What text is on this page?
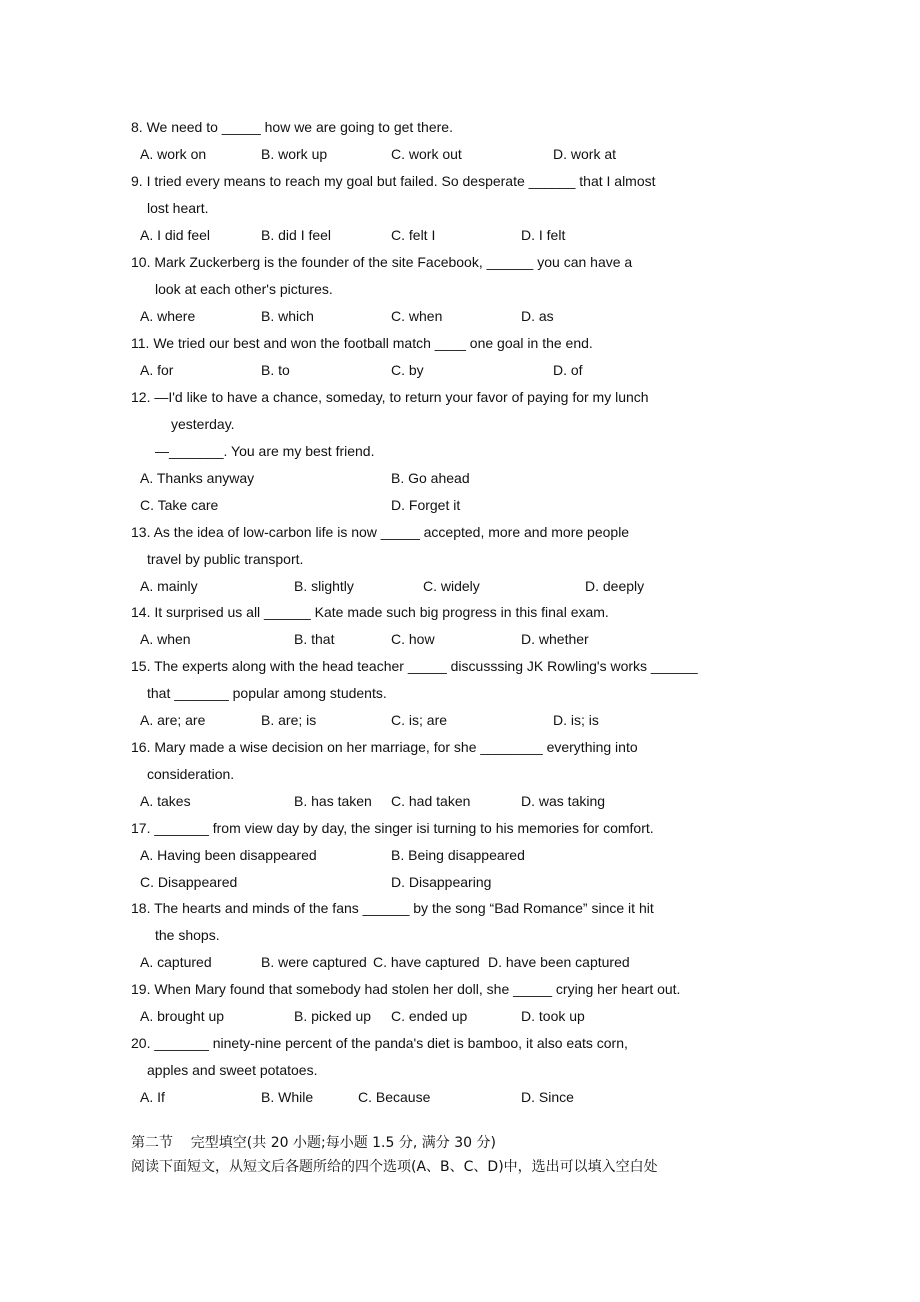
8. We need to _____ how we are going to get there.
A. work on	B. work up	C. work out	D. work at
9. I tried every means to reach my goal but failed. So desperate ______ that I almost
lost heart.
A. I did feel	B. did I feel	C. felt I	D. I felt
10. Mark Zuckerberg is the founder of the site Facebook, ______ you can have a
look at each other's pictures.
A. where	B. which	C. when	D. as
11. We tried our best and won the football match ____ one goal in the end.
A. for	B. to	C. by	D. of
12. —I'd like to have a chance, someday, to return your favor of paying for my lunch
yesterday.
—_______. You are my best friend.
A. Thanks anyway	B. Go ahead
C. Take care	D. Forget it
13. As the idea of low-carbon life is now _____ accepted, more and more people
travel by public transport.
A. mainly	B. slightly	C. widely	D. deeply
14. It surprised us all ______ Kate made such big progress in this final exam.
A. when	B. that	C. how	D. whether
15. The experts along with the head teacher _____ discusssing JK Rowling's works ______
that _______ popular among students.
A. are; are	B. are; is	C. is; are	D. is; is
16. Mary made a wise decision on her marriage, for she ________ everything into
consideration.
A. takes	B. has taken C. had taken	D. was taking
17. _______ from view day by day, the singer isi turning to his memories for comfort.
A. Having been disappeared	B. Being disappeared
C. Disappeared	D. Disappearing
18. The hearts and minds of the fans ______ by the song “Bad Romance” since it hit
the shops.
A. captured	B. were captured C. have captured D. have been captured
19. When Mary found that somebody had stolen her doll, she _____ crying her heart out.
A. brought up	B. picked up C. ended up	D. took up
20. _______ ninety-nine percent of the panda's diet is bamboo, it also eats corn,
apples and sweet potatoes.
A. If	B. While	C. Because	D. Since
第二节    完型填空(共 20 小题;每小题 1.5 分, 满分 30 分)
阅读下面短文，从短文后各题所给的四个选项(A、B、C、D)中，选出可以填入空白处
